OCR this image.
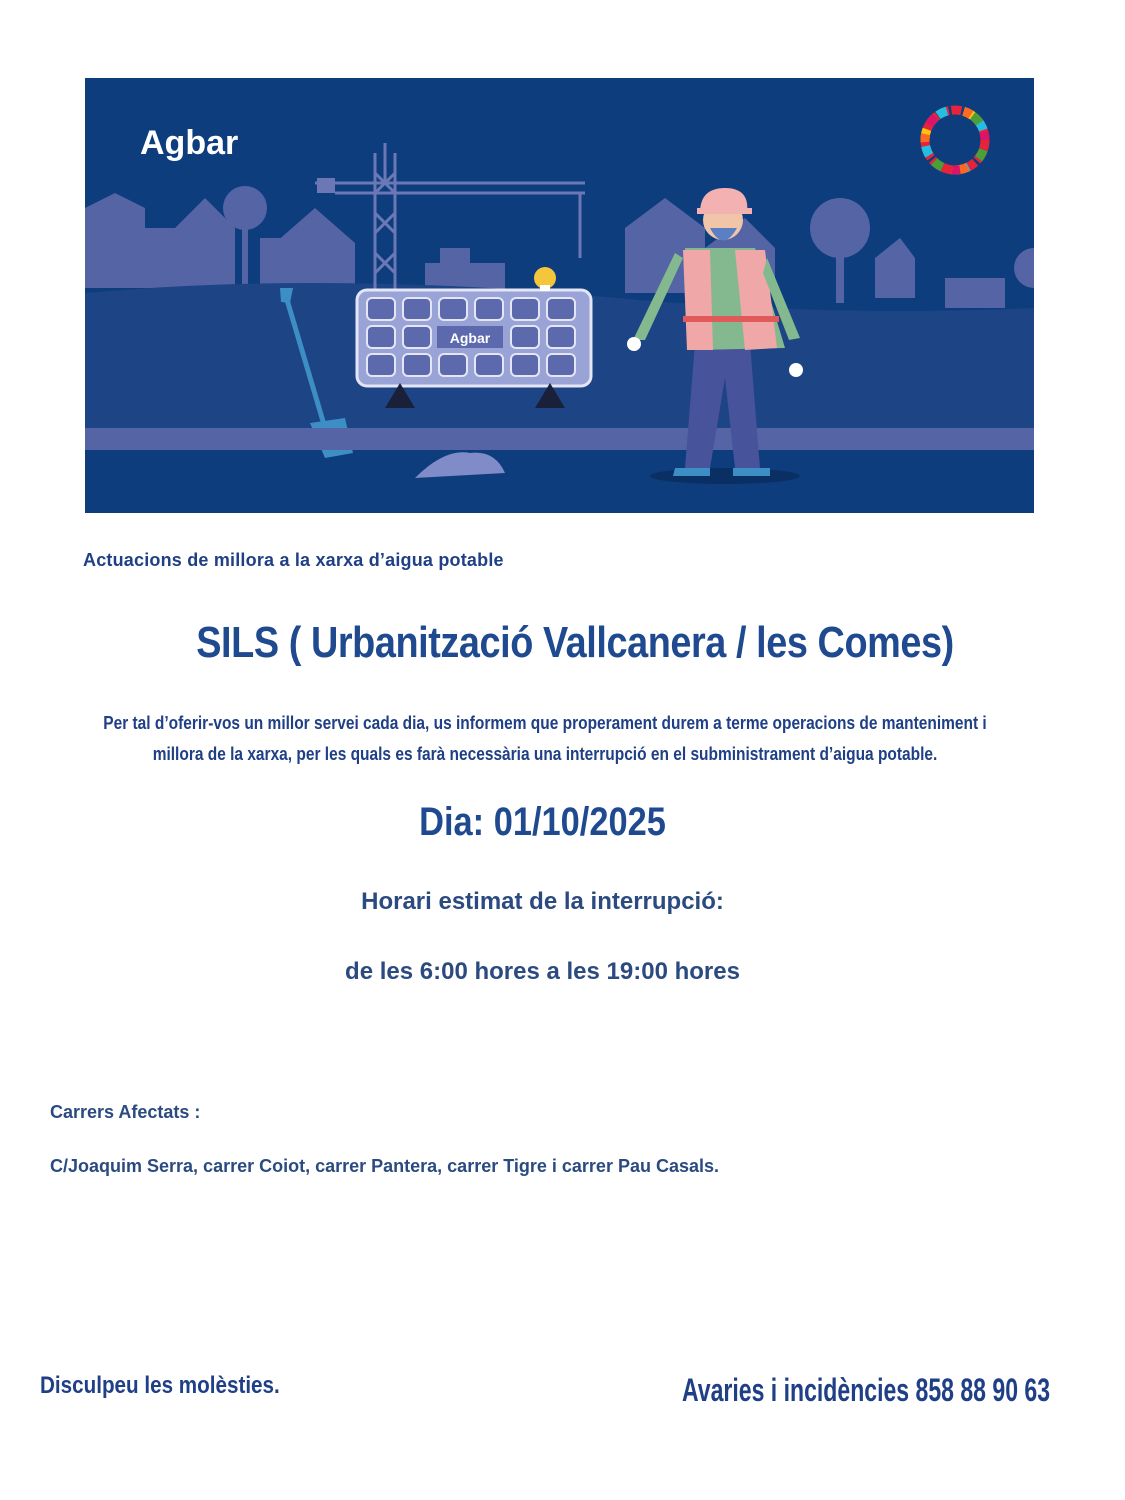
Agbar
Agbar
Actuacions de millora a la xarxa d’aigua potable
SILS ( Urbanització Vallcanera / les Comes)
Per tal d’oferir-vos un millor servei cada dia, us informem que properament durem a terme operacions de manteniment i millora de la xarxa, per les quals es farà necessària una interrupció en el subministrament d’aigua potable.
Dia: 01/10/2025
Horari estimat de la interrupció:
de les 6:00 hores a les 19:00 hores
Carrers Afectats :
C/Joaquim Serra, carrer Coiot, carrer Pantera, carrer Tigre i carrer Pau Casals.
Disculpeu les molèsties.	Avaries i incidències 858 88 90 63
